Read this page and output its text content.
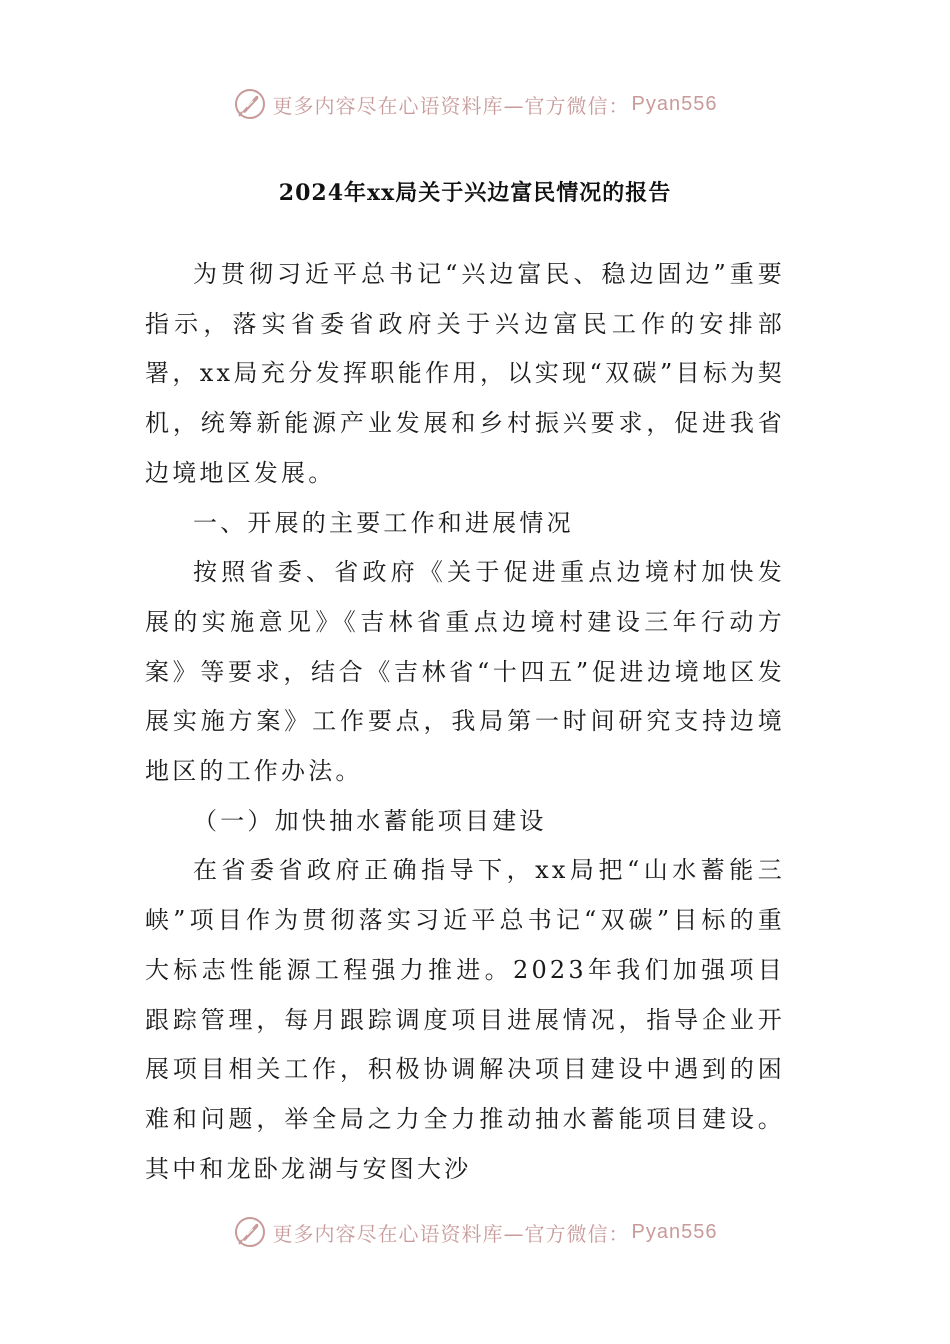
更多内容尽在心语资料库—官方微信： Pyan556
2024年xx局关于兴边富民情况的报告

为贯彻习近平总书记“兴边富民、稳边固边”重要指示，落实省委省政府关于兴边富民工作的安排部署，xx局充分发挥职能作用，以实现“双碳”目标为契机，统筹新能源产业发展和乡村振兴要求，促进我省边境地区发展。

一、开展的主要工作和进展情况

按照省委、省政府《关于促进重点边境村加快发展的实施意见》《吉林省重点边境村建设三年行动方案》等要求，结合《吉林省“十四五”促进边境地区发展实施方案》工作要点，我局第一时间研究支持边境地区的工作办法。

（一）加快抽水蓄能项目建设

在省委省政府正确指导下，xx局把“山水蓄能三峡”项目作为贯彻落实习近平总书记“双碳”目标的重大标志性能源工程强力推进。2023年我们加强项目跟踪管理，每月跟踪调度项目进展情况，指导企业开展项目相关工作，积极协调解决项目建设中遇到的困难和问题，举全局之力全力推动抽水蓄能项目建设。其中和龙卧龙湖与安图大沙

更多内容尽在心语资料库—官方微信： Pyan556
